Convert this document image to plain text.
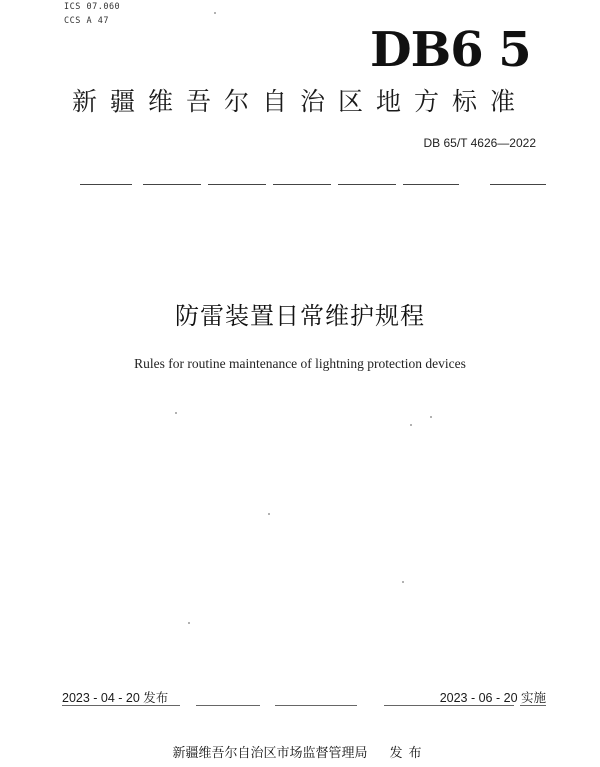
ICS 07.060
CCS A 47
DB6 5
新疆维吾尔自治区地方标准
DB 65/T 4626—2022
防雷装置日常维护规程
Rules for routine maintenance of lightning protection devices
2023 - 04 - 20 发布	2023 - 06 - 20 实施
新疆维吾尔自治区市场监督管理局 发布
